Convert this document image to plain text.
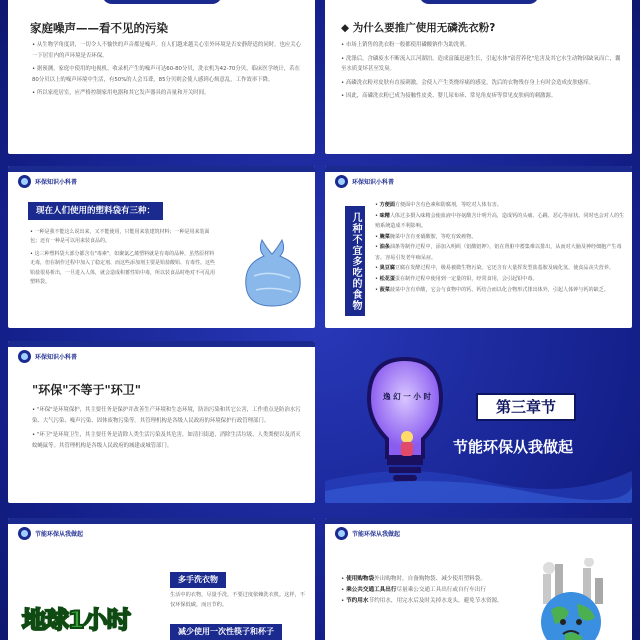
家庭噪声——看不见的污染

• 从生物学角度讲，一切令人不愉快的声音都是噪声。在人们越来越关心室外环境是否安静舒适的同时，也应关心一下居室内的声环境是否环保。

• 据预测，家庭中使用的电视机、收录机产生的噪声可达60-80分贝，洗衣机为42-70分贝，临床医学统计，若在80分贝以上的噪声环境中生活，有50%的人会耳聋，85分贝则会使人感到心烦意乱，工作效率下降。

• 所以家庭居室，应严格控制家用电器和其它发声器具的音量和开关时间。

◆ 为什么要推广使用无磷洗衣粉?

• 市场上销售的洗衣粉一般都使用磷酸钠作为助洗剂。

• 洗涤后，含磷废水不断流入江河湖泊，造成富藻迅速生长，引起水体"富营养化"危害及其它水生动物因缺氧而亡，囊至水质变坏甚至发臭。

• 高磷洗衣粉对皮肤有直接刺激，会使人产生类烧痒痛的感觉，洗后的衣物残存身上有时会造成皮肤瘙痒。

• 因此，高磷洗衣粉已成为接触性皮炎、婴儿尿布疹、常见角皮疹等常见皮肤病的刺激源。

环保知识小科普
现在人们使用的塑料袋有三种：

• 一种是我不能这么说出来，又不能使用，只能用来装建筑材料；一种是用来装面包；还有一种是可以用来装食品的。

• 这三种塑料袋大部分都含有"毒素"，如聚氯乙烯塑料就是有毒的品种，虽然原材料无毒，但在制作过程中加入了稳定剂、而这些添加剂主要是铅盐酸铅、有毒性。这些铅盐很易析出，一旦进入人体，就会造成积蓄性铅中毒，所以装食品时绝对不可乱用塑料袋。

环保知识小科普
几种不宜多吃的食物

• 方便面方便面中含有色素和防腐剂，等吃对人体有害。

• 味精人体过多摄入味精会使血液中谷氨酸含计明升高，造成钙的头痛、心跳、恶心等症状。同时也会对人的生殖系统造成不利影响。

• 腌菜腌菜中含有亚硝酸胺，等吃有致癌物。

• 油条油条等制作过程中，添加入明矾（铝酸铝钾），铝在肾脏中蓄集难以排出，从而对大脑及神经细胞产生毒害，容易引发老年痴呆症。

• 臭豆腐豆腐在发酵过程中，极易被微生物污染。它还含有大量挥发型盐基胺及硫化氢，使食品丧失营养。

• 松花蛋蛋在制作过程中使用到一定量的铅，经常食用，会引起铅中毒。

• 菠菜菠菜中含有草酸，它会与食物中的钙、钙结合而以化合物形式排出体外，引起人体钟与钙的缺乏。

环保知识小科普
"环保"不等于"环卫"

• "环保"是环境保护，其主要任务是保护并改善生产环境和生态环境，防治污染和其它公害，工作重点是防治水污染、大气污染、噪声污染、固体废物污染等。其管理机构是各级人民政府的环境保护行政管理部门。

• "环卫"是环境卫生，其主要任务是清除人类生活污染及其危害，如清扫街道，消除生活垃圾、人类粪便以及消灭蚊蝇鼠等。其管理机构是各级人民政府的城建或城管部门。

逸 幻 一 小 时
第三章节
节能环保从我做起
节能环保从我做起
地球1小时
多手洗衣物
生活中的衣物，尽量手洗，不要过度依赖洗衣机。这样，不仅环保低碳，而且节约。
减少使用一次性筷子和杯子
节能环保从我做起

• 使用购物袋外出购物时，自备购物袋、减少使用塑料袋。

• 乘公共交通工具出行尽量乘公交通工具出行或自行车出行

• 节约用水节约用水，用完水后及时关掉水龙头，避免节水资源。
